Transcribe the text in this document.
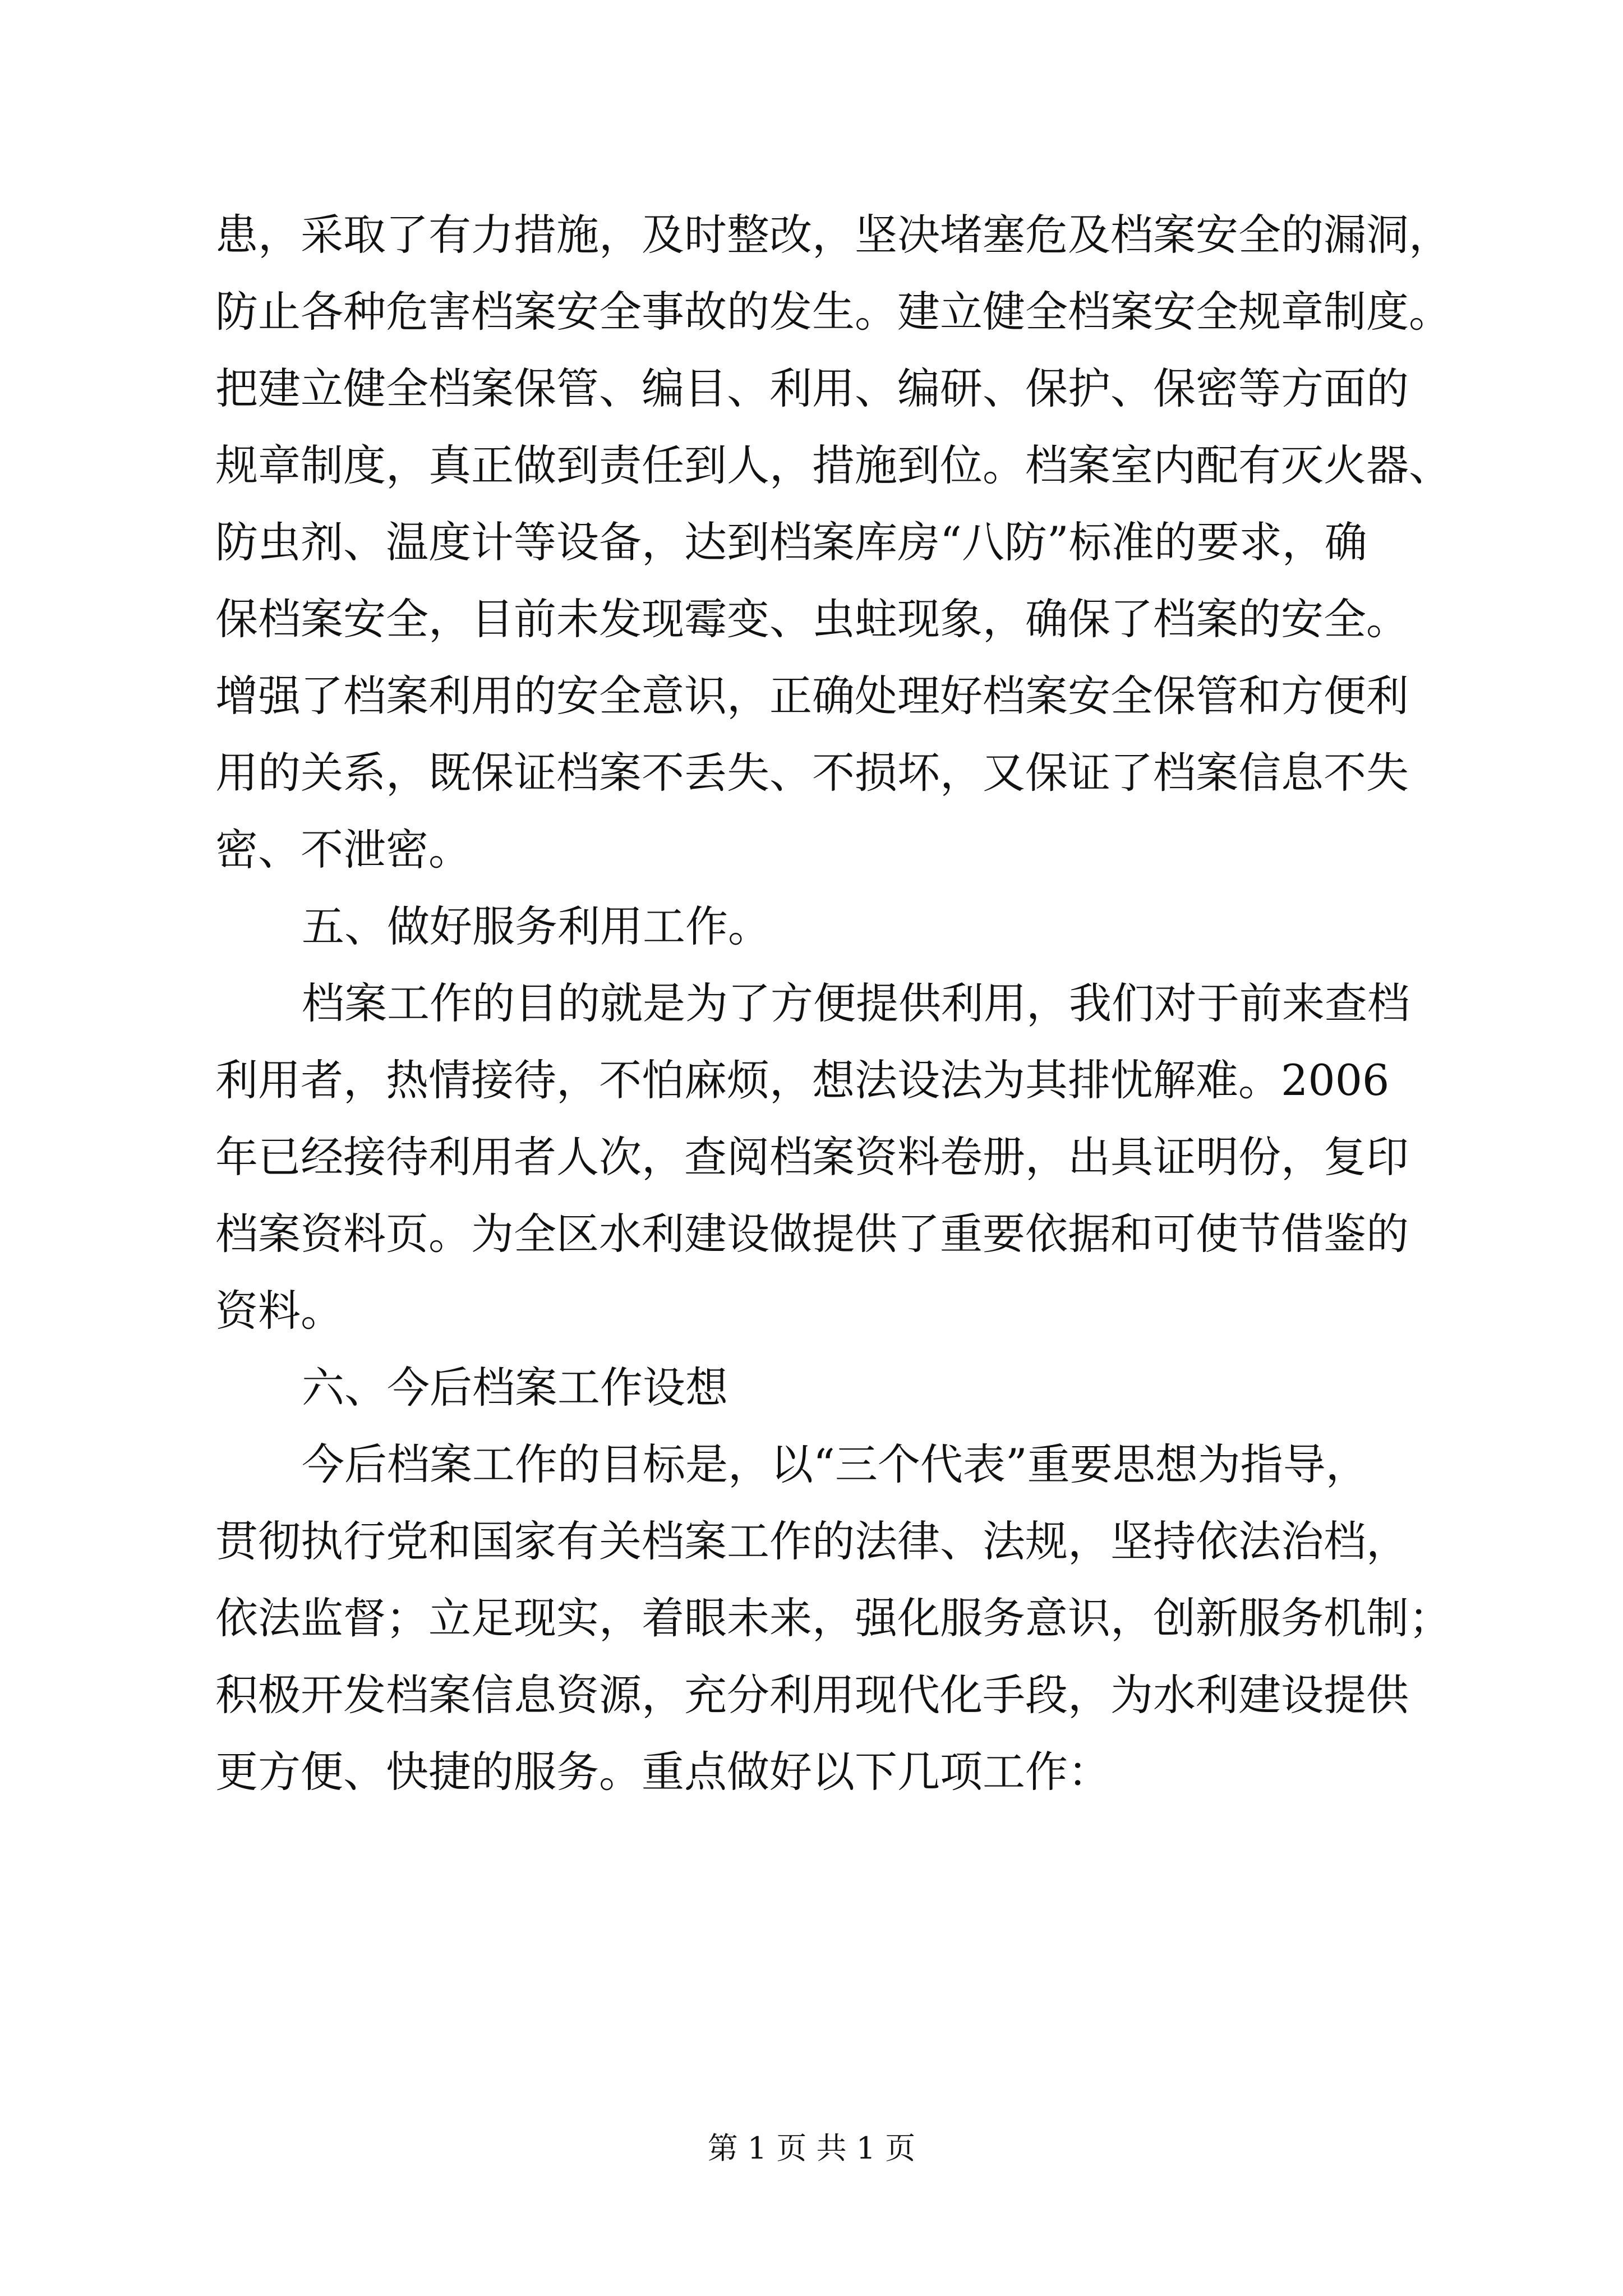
患，采取了有力措施，及时整改，坚决堵塞危及档案安全的漏洞，
防止各种危害档案安全事故的发生。建立健全档案安全规章制度。
把建立健全档案保管、编目、利用、编研、保护、保密等方面的
规章制度，真正做到责任到人，措施到位。档案室内配有灭火器、
防虫剂、温度计等设备，达到档案库房“八防”标准的要求，确
保档案安全，目前未发现霉变、虫蛀现象，确保了档案的安全。
增强了档案利用的安全意识，正确处理好档案安全保管和方便利
用的关系，既保证档案不丢失、不损坏，又保证了档案信息不失
密、不泄密。
五、做好服务利用工作。
档案工作的目的就是为了方便提供利用，我们对于前来查档
利用者，热情接待，不怕麻烦，想法设法为其排忧解难。2006
年已经接待利用者人次，查阅档案资料卷册，出具证明份，复印
档案资料页。为全区水利建设做提供了重要依据和可使节借鉴的
资料。
六、今后档案工作设想
今后档案工作的目标是，以“三个代表”重要思想为指导，
贯彻执行党和国家有关档案工作的法律、法规，坚持依法治档，
依法监督；立足现实，着眼未来，强化服务意识，创新服务机制；
积极开发档案信息资源，充分利用现代化手段，为水利建设提供
更方便、快捷的服务。重点做好以下几项工作：
第 1 页 共 1 页
